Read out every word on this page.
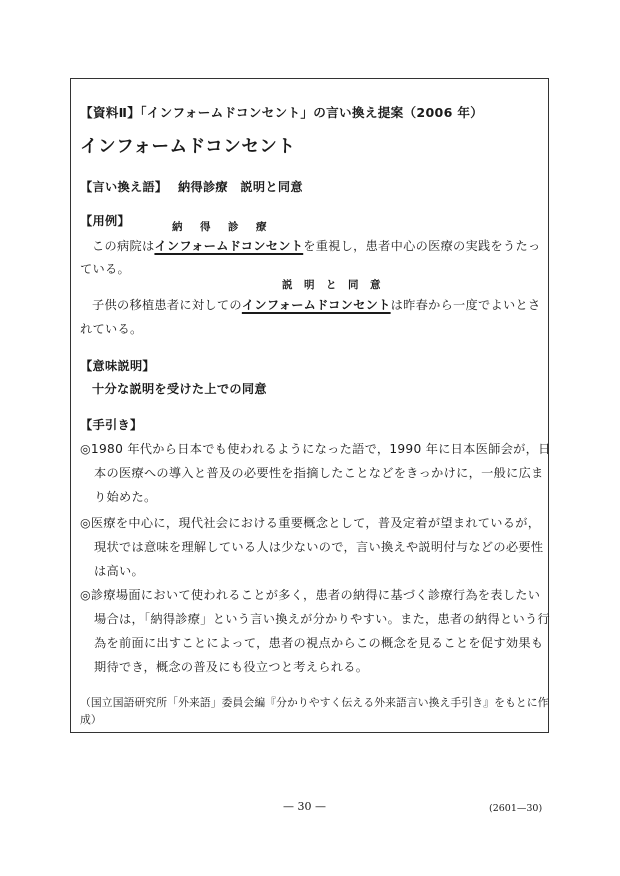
【資料Ⅱ】「インフォームドコンセント」の言い換え提案（2006 年）
インフォームドコンセント
【言い換え語】 納得診療　説明と同意
【用例】	納 得 診 療
この病院はインフォームドコンセントを重視し，患者中心の医療の実践をうたっ
ている。
説 明 と 同 意
子供の移植患者に対してのインフォームドコンセントは昨春から一度でよいとさ
れている。
【意味説明】
十分な説明を受けた上での同意
【手引き】
◎1980 年代から日本でも使われるようになった語で，1990 年に日本医師会が，日
本の医療への導入と普及の必要性を指摘したことなどをきっかけに，一般に広ま
り始めた。
◎医療を中心に，現代社会における重要概念として，普及定着が望まれているが，
現状では意味を理解している人は少ないので，言い換えや説明付与などの必要性
は高い。
◎診療場面において使われることが多く，患者の納得に基づく診療行為を表したい
場合は，「納得診療」という言い換えが分かりやすい。また，患者の納得という行
為を前面に出すことによって，患者の視点からこの概念を見ることを促す効果も
期待でき，概念の普及にも役立つと考えられる。
（国立国語研究所「外来語」委員会編『分かりやすく伝える外来語言い換え手引き』をもとに作
成）
— 30 —	(2601—30)
